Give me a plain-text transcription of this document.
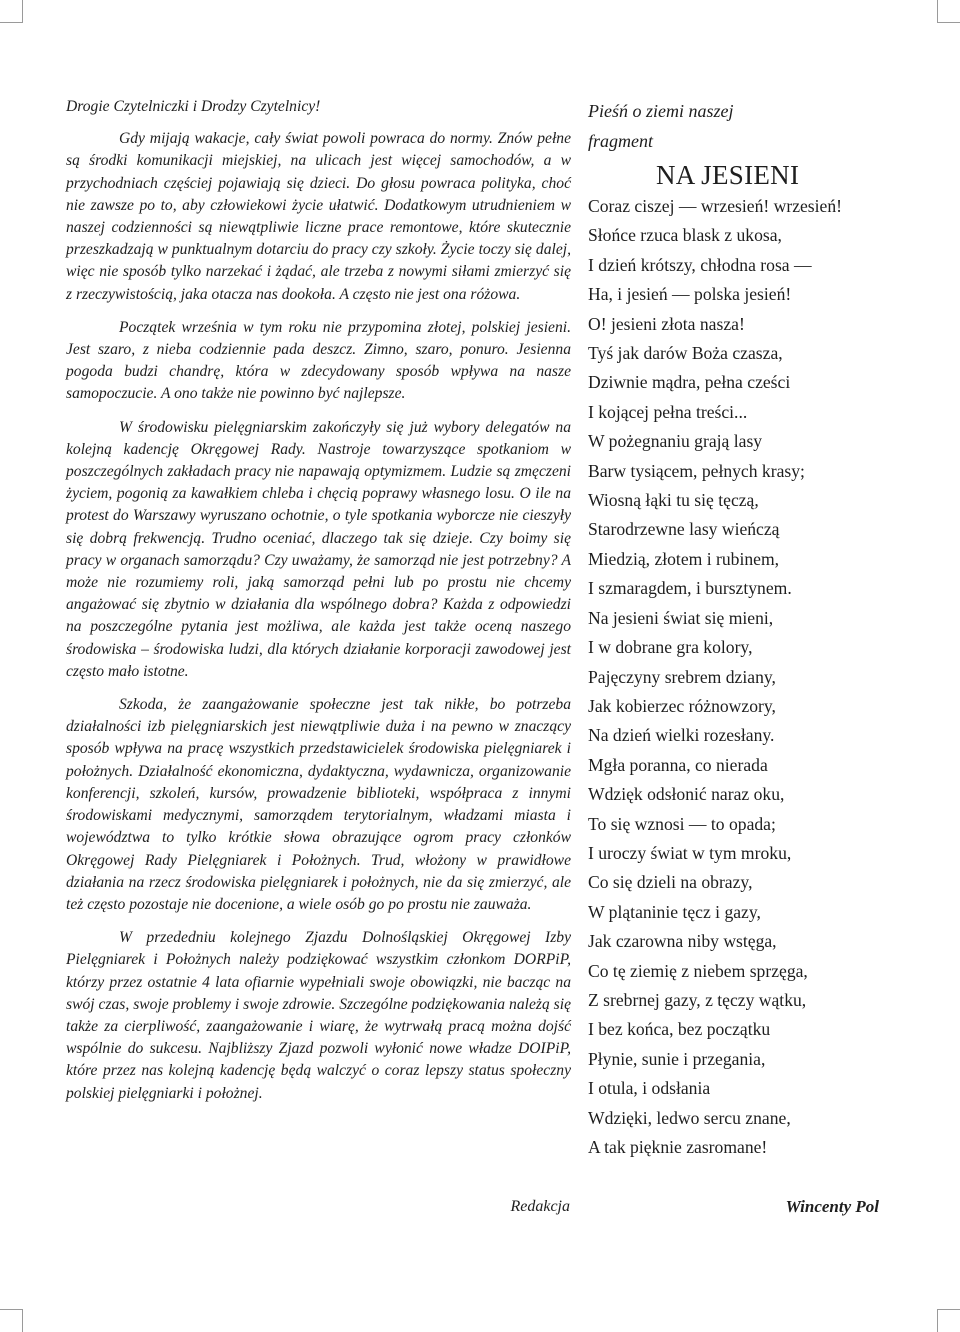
Drogie Czytelniczki i Drodzy Czytelnicy!

Gdy mijają wakacje, cały świat powoli powraca do normy. Znów pełne są środki komunikacji miejskiej, na ulicach jest więcej samochodów, a w przychodniach częściej pojawiają się dzieci. Do głosu powraca polityka, choć nie zawsze po to, aby człowiekowi życie ułatwić. Dodatkowym utrudnieniem w naszej codzienności są niewątpliwie liczne prace remontowe, które skutecznie przeszkadzają w punktualnym dotarciu do pracy czy szkoły. Życie toczy się dalej, więc nie sposób tylko narzekać i żądać, ale trzeba z nowymi siłami zmierzyć się z rzeczywistością, jaka otacza nas dookoła. A często nie jest ona różowa.

Początek września w tym roku nie przypomina złotej, polskiej jesieni. Jest szaro, z nieba codziennie pada deszcz. Zimno, szaro, ponuro. Jesienna pogoda budzi chandrę, która w zdecydowany sposób wpływa na nasze samopoczucie. A ono także nie powinno być najlepsze.

W środowisku pielęgniarskim zakończyły się już wybory delegatów na kolejną kadencję Okręgowej Rady. Nastroje towarzyszące spotkaniom w poszczególnych zakładach pracy nie napawają optymizmem. Ludzie są zmęczeni życiem, pogonią za kawałkiem chleba i chęcią poprawy własnego losu. O ile na protest do Warszawy wyruszano ochotnie, o tyle spotkania wyborcze nie cieszyły się dobrą frekwencją. Trudno oceniać, dlaczego tak się dzieje. Czy boimy się pracy w organach samorządu? Czy uważamy, że samorząd nie jest potrzebny? A może nie rozumiemy roli, jaką samorząd pełni lub po prostu nie chcemy angażować się zbytnio w działania dla wspólnego dobra? Każda z odpowiedzi na poszczególne pytania jest możliwa, ale każda jest także oceną naszego środowiska – środowiska ludzi, dla których działanie korporacji zawodowej jest często mało istotne.

Szkoda, że zaangażowanie społeczne jest tak nikłe, bo potrzeba działalności izb pielęgniarskich jest niewątpliwie duża i na pewno w znaczący sposób wpływa na pracę wszystkich przedstawicielek środowiska pielęgniarek i położnych. Działalność ekonomiczna, dydaktyczna, wydawnicza, organizowanie konferencji, szkoleń, kursów, prowadzenie biblioteki, współpraca z innymi środowiskami medycznymi, samorządem terytorialnym, władzami miasta i województwa to tylko krótkie słowa obrazujące ogrom pracy członków Okręgowej Rady Pielęgniarek i Położnych. Trud, włożony w prawidłowe działania na rzecz środowiska pielęgniarek i położnych, nie da się zmierzyć, ale też często pozostaje nie docenione, a wiele osób go po prostu nie zauważa.

W przededniu kolejnego Zjazdu Dolnośląskiej Okręgowej Izby Pielęgniarek i Położnych należy podziękować wszystkim członkom DORPiP, którzy przez ostatnie 4 lata ofiarnie wypełniali swoje obowiązki, nie bacząc na swój czas, swoje problemy i swoje zdrowie. Szczególne podziękowania należą się także za cierpliwość, zaangażowanie i wiarę, że wytrwałą pracą można dojść wspólnie do sukcesu. Najbliższy Zjazd pozwoli wyłonić nowe władze DOIPiP, które przez nas kolejną kadencję będą walczyć o coraz lepszy status społeczny polskiej pielęgniarki i położnej.

Redakcja
Pieśń o ziemi naszej
fragment
NA JESIENI
Coraz ciszej — wrzesień! wrzesień!
Słońce rzuca blask z ukosa,
I dzień krótszy, chłodna rosa —
Ha, i jesień — polska jesień!
O! jesieni złota nasza!
Tyś jak darów Boża czasza,
Dziwnie mądra, pełna cześci
I kojącej pełna treści...
W pożegnaniu grają lasy
Barw tysiącem, pełnych krasy;
Wiosną łąki tu się tęczą,
Starodrzewne lasy wieńczą
Miedzią, złotem i rubinem,
I szmaragdem, i bursztynem.
Na jesieni świat się mieni,
I w dobrane gra kolory,
Pajęczyny srebrem dziany,
Jak kobierzec różnowzory,
Na dzień wielki rozesłany.
Mgła poranna, co nierada
Wdzięk odsłonić naraz oku,
To się wznosi — to opada;
I uroczy świat w tym mroku,
Co się dzieli na obrazy,
W plątaninie tęcz i gazy,
Jak czarowna niby wstęga,
Co tę ziemię z niebem sprzęga,
Z srebrnej gazy, z tęczy wątku,
I bez końca, bez początku
Płynie, sunie i przegania,
I otula, i odsłania
Wdzięki, ledwo sercu znane,
A tak pięknie zasromane!
Wincenty Pol
